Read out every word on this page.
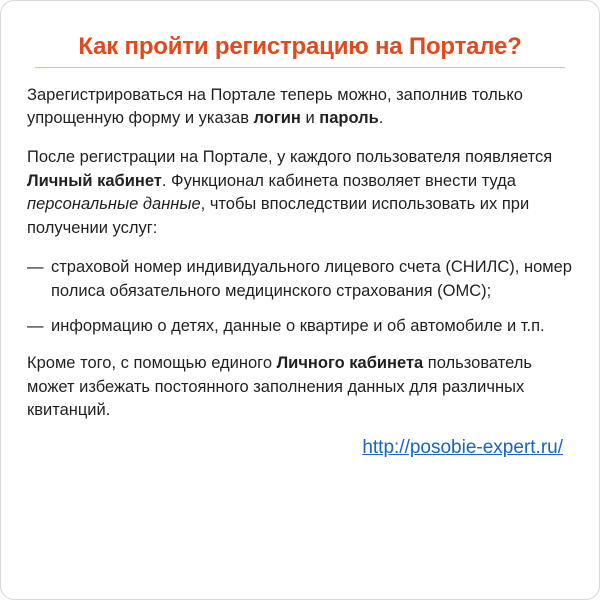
Как пройти регистрацию на Портале?

Зарегистрироваться на Портале теперь можно, заполнив только упрощенную форму и указав логин и пароль.

После регистрации на Портале, у каждого пользователя появляется Личный кабинет. Функционал кабинета позволяет внести туда персональные данные, чтобы впоследствии использовать их при получении услуг:

— страховой номер индивидуального лицевого счета (СНИЛС), номер полиса обязательного медицинского страхования (ОМС);
— информацию о детях, данные о квартире и об автомобиле и т.п.

Кроме того, с помощью единого Личного кабинета пользователь может избежать постоянного заполнения данных для различных квитанций.

http://posobie-expert.ru/
